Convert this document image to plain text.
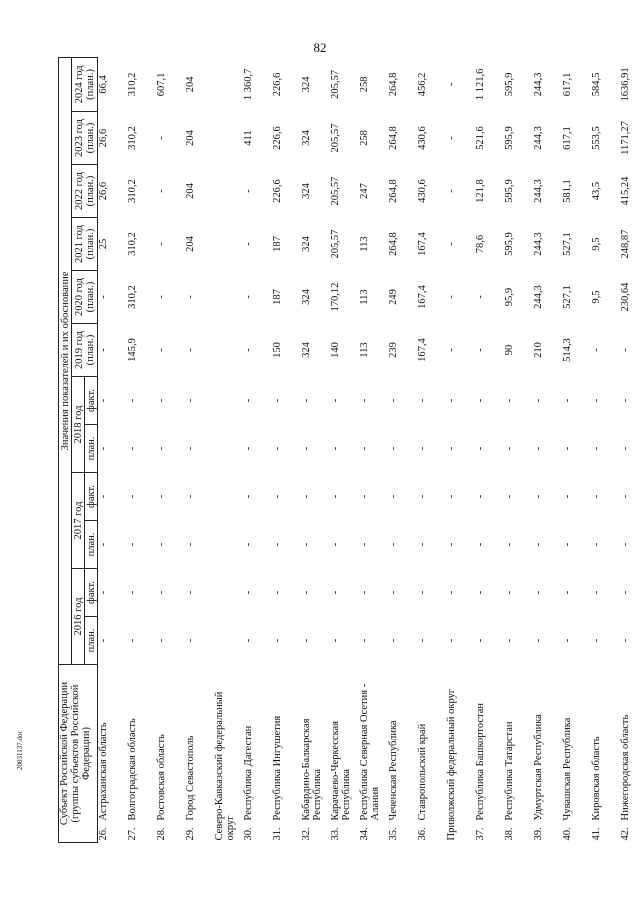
82
Субъект Российской Федерации (группы субъектов Российской Федерации)	Значения показателей и их обоснование											
	2016 год		2017 год		2018 год		2019 год (план.)	2020 год (план.)	2021 год (план.)	2022 год (план.)	2023 год (план.)	2024 год (план.)
	план.	факт.	план.	факт.	план.	факт.						
26.Астраханская область	-	-	-	-	-	-	-	-	25	26,6	26,6	66,4
27.Волгоградская область	-	-	-	-	-	-	145,9	310,2	310,2	310,2	310,2	310,2
28.Ростовская область	-	-	-	-	-	-	-	-	-	-	-	607,1
29.Город Севастополь	-	-	-	-	-	-	-	-	204	204	204	204
Северо-Кавказский федеральный округ												
30.Республика Дагестан	-	-	-	-	-	-	-	-	-	-	411	1 360,7
31.Республика Ингушетия	-	-	-	-	-	-	150	187	187	226,6	226,6	226,6
32.Кабардино-Балкарская Республика	-	-	-	-	-	-	324	324	324	324	324	324
33.Карачаево-Черкесская Республика	-	-	-	-	-	-	140	170,12	205,57	205,57	205,57	205,57
34.Республика Северная Осетия - Алания	-	-	-	-	-	-	113	113	113	247	258	258
35.Чеченская Республика	-	-	-	-	-	-	239	249	264,8	264,8	264,8	264,8
36.Ставропольский край	-	-	-	-	-	-	167,4	167,4	167,4	430,6	430,6	456,2
Приволжский федеральный округ	-	-	-	-	-	-	-	-	-	-	-	-
37.Республика Башкортостан	-	-	-	-	-	-	-	-	78,6	121,8	521,6	1 121,6
38.Республика Татарстан	-	-	-	-	-	-	90	95,9	595,9	595,9	595,9	595,9
39.Удмуртская Республика	-	-	-	-	-	-	210	244,3	244,3	244,3	244,3	244,3
40.Чувашская Республика	-	-	-	-	-	-	514,3	527,1	527,1	581,1	617,1	617,1
41.Кировская область	-	-	-	-	-	-	-	9,5	9,5	43,5	553,5	584,5
42.Нижегородская область	-	-	-	-	-	-	-	230,64	248,87	415,24	1171,27	1636,91
20031137.doc
